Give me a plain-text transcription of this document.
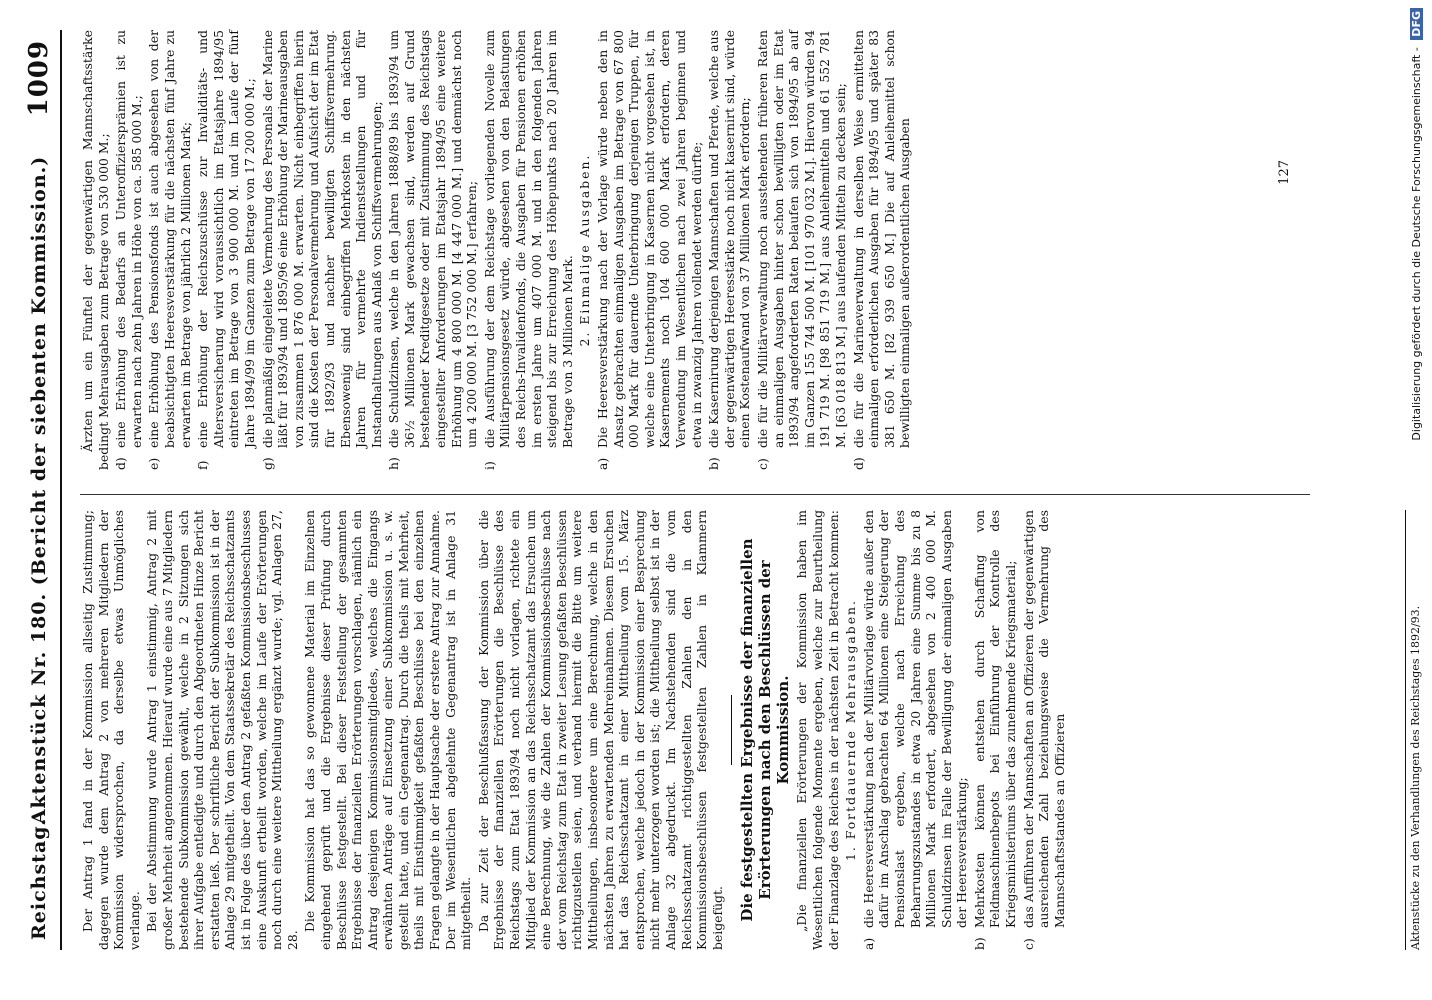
Reichstag.
Aktenstück Nr. 180. (Bericht der siebenten Kommission.)
1009

Der Antrag 1 fand in der Kommission allseitig Zustimmung; dagegen wurde dem Antrag 2 von mehreren Mitgliedern der Kommission widersprochen, da derselbe etwas Unmögliches verlange. Bei der Abstimmung wurde Antrag 1 einstimmig, Antrag 2 mit großer Mehrheit angenommen. Hierauf wurde eine aus 7 Mitgliedern bestehende Subkommission gewählt, welche in 2 Sitzungen sich ihrer Aufgabe entledigte und durch den Abgeordneten Hinze Bericht erstatten ließ. Der schriftliche Bericht der Subkommission ist in der Anlage 29 mitgetheilt. Von dem Staatssekretär des Reichsschatzamts ist in Folge des über den Antrag 2 gefaßten Kommissionsbeschlusses eine Auskunft ertheilt worden, welche im Laufe der Erörterungen noch durch eine weitere Mittheilung ergänzt wurde; vgl. Anlagen 27, 28.

Die Kommission hat das so gewonnene Material im Einzelnen eingehend geprüft und die Ergebnisse dieser Prüfung durch Beschlüsse festgestellt. Bei dieser Feststellung der gesammten Ergebnisse der finanziellen Erörterungen vorschlagen, nämlich ein Antrag desjenigen Kommissionsmitgliedes, welches die Eingangs erwähnten Anträge auf Einsetzung einer Subkommission u. s. w. gestellt hatte, und ein Gegenantrag. Durch die theils mit Mehrheit, theils mit Einstimmigkeit gefaßten Beschlüsse bei den einzelnen Fragen gelangte in der Hauptsache der erstere Antrag zur Annahme. Der im Wesentlichen abgelehnte Gegenantrag ist in Anlage 31 mitgetheilt. Da zur Zeit der Beschlußfassung der Kommission über die Ergebnisse der finanziellen Erörterungen die Beschlüsse des Reichstags zum Etat 1893/94 noch nicht vorlagen, richtete ein Mitglied der Kommission an das Reichsschatzamt das Ersuchen um eine Berechnung, wie die Zahlen der Kommissionsbeschlüsse nach der vom Reichstag zum Etat in zweiter Lesung gefaßten Beschlüssen richtigzustellen seien, und verband hiermit die Bitte um weitere Mittheilungen, insbesondere um eine Berechnung, welche in den nächsten Jahren zu erwartenden Mehreinnahmen. Diesem Ersuchen hat das Reichsschatzamt in einer Mittheilung vom 15. März entsprochen, welche jedoch in der Kommission einer Besprechung nicht mehr unterzogen worden ist; die Mittheilung selbst ist in der Anlage 32 abgedruckt. Im Nachstehenden sind die vom Reichsschatzamt richtiggestellten Zahlen den in den Kommissionsbeschlüssen festgestellten Zahlen in Klammern beigefügt. Die festgestellten Ergebnisse der finanziellen Erörterungen nach den Beschlüssen der Kommission. „Die finanziellen Erörterungen der Kommission haben im Wesentlichen folgende Momente ergeben, welche zur Beurtheilung der Finanzlage des Reiches in der nächsten Zeit in Betracht kommen: 1. Fortdauernde Mehrausgaben.

a)
die Heeresverstärkung nach der Militärvorlage würde außer den dafür im Anschlag gebrachten 64 Millionen eine Steigerung der Pensionslast ergeben, welche nach Erreichung des Beharrungszustandes in etwa 20 Jahren eine Summe bis zu 8 Millionen Mark erfordert, abgesehen von 2 400 000 M. Schuldzinsen im Falle der Bewilligung der einmaligen Ausgaben der Heeresverstärkung;
b)
Mehrkosten können entstehen durch Schaffung von Feldmaschinenbepots bei Einführung der Kontrolle des Kriegsministeriums über das zunehmende Kriegsmaterial;
c)
das Aufführen der Mannschaften an Offizieren der gegenwärtigen ausreichenden Zahl beziehungsweise die Vermehrung des Mannschaftsstandes an Offizieren	Aktenstücke zu den Verhandlungen des Reichstages 1892/93.

Ärzten um ein Fünftel der gegenwärtigen Mannschaftsstärke bedingt Mehrausgaben zum Betrage von 530 000 M.; d)
eine Erhöhung des Bedarfs an Unteroffiziersprämien ist zu erwarten nach zehn Jahren in Höhe von ca. 585 000 M.;
e)
eine Erhöhung des Pensionsfonds ist auch abgesehen von der beabsichtigten Heeresverstärkung für die nächsten fünf Jahre zu erwarten im Betrage von jährlich 2 Millionen Mark;
f)
eine Erhöhung der Reichszuschüsse zur Invaliditäts- und Altersversicherung wird voraussichtlich im Etatsjahre 1894/95 eintreten im Betrage von 3 900 000 M. und im Laufe der fünf Jahre 1894/99 im Ganzen zum Betrage von 17 200 000 M.;
g)
die planmäßig eingeleitete Vermehrung des Personals der Marine läßt für 1893/94 und 1895/96 eine Erhöhung der Marineausgaben von zusammen 1 876 000 M. erwarten. Nicht einbegriffen hierin sind die Kosten der Personalvermehrung und Aufsicht der im Etat für 1892/93 und nachher bewilligten Schiffsvermehrung. Ebensowenig sind einbegriffen Mehrkosten in den nächsten Jahren für vermehrte Indienststellungen und für Instandhaltungen aus Anlaß von Schiffsvermehrungen;
h)
die Schuldzinsen, welche in den Jahren 1888/89 bis 1893/94 um 36½ Millionen Mark gewachsen sind, werden auf Grund bestehender Kreditgesetze oder mit Zustimmung des Reichstags eingestellter Anforderungen im Etatsjahr 1894/95 eine weitere Erhöhung um 4 800 000 M. [4 447 000 M.] und demnächst noch um 4 200 000 M. [3 752 000 M.] erfahren;
i)
die Ausführung der dem Reichstage vorliegenden Novelle zum Militärpensionsgesetz würde, abgesehen von den Belastungen des Reichs-Invalidenfonds, die Ausgaben für Pensionen erhöhen im ersten Jahre um 407 000 M. und in den folgenden Jahren steigend bis zur Erreichung des Höhepunkts nach 20 Jahren im Betrage von 3 Millionen Mark.

2. Einmalige Ausgaben.

a)
Die Heeresverstärkung nach der Vorlage würde neben den in Ansatz gebrachten einmaligen Ausgaben im Betrage von 67 800 000 Mark für dauernde Unterbringung derjenigen Truppen, für welche eine Unterbringung in Kasernen nicht vorgesehen ist, in Kasernements noch 104 600 000 Mark erfordern, deren Verwendung im Wesentlichen nach zwei Jahren beginnen und etwa in zwanzig Jahren vollendet werden dürfte;
b)
die Kasernirung derjenigen Mannschaften und Pferde, welche aus der gegenwärtigen Heeresstärke noch nicht kasernirt sind, würde einen Kostenaufwand von 37 Millionen Mark erfordern;
c)
die für die Militärverwaltung noch ausstehenden früheren Raten an einmaligen Ausgaben hinter schon bewilligten oder im Etat 1893/94 angeforderten Raten belaufen sich von 1894/95 ab auf im Ganzen 155 744 500 M. [101 970 032 M.]. Hiervon würden 94 191 719 M. [98 851 719 M.] aus Anleihemitteln und 61 552 781 M. [63 018 813 M.] aus laufenden Mitteln zu decken sein;
d)
die für die Marineverwaltung in derselben Weise ermittelten einmaligen erforderlichen Ausgaben für 1894/95 und später 83 381 650 M. [82 939 650 M.] Die auf Anleihemittel schon bewilligten einmaligen außerordentlichen Ausgaben	127	Digitalisierung gefördert durch die Deutsche Forschungsgemeinschaft - DFG
